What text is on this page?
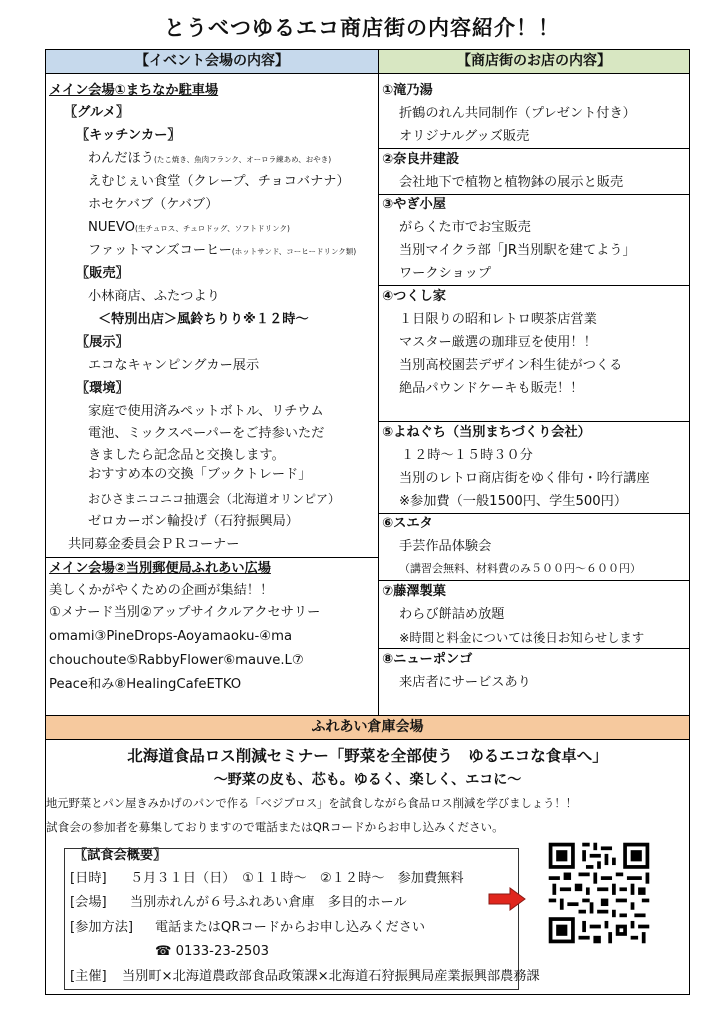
とうべつゆるエコ商店街の内容紹介！！
【イベント会場の内容】
メイン会場①まちなか駐車場
〖グルメ〗
〖キッチンカー〗
わんだほう(たこ焼き、魚肉フランク、オーロラ練あめ、おやき)
えむじぇい食堂（クレープ、チョコバナナ）
ホセケバブ（ケバブ）
NUEVO(生チュロス、チュロドッグ、ソフトドリンク)
ファットマンズコーヒー(ホットサンド、コーヒードリンク類)
〖販売〗
小林商店、ふたつより
＜特別出店＞風鈴ちりり※１２時～
〖展示〗
エコなキャンピングカー展示
〖環境〗
家庭で使用済みペットボトル、リチウム
電池、ミックスペーパーをご持参いただ
きましたら記念品と交換します。
おすすめ本の交換「ブックトレード」
おひさまニコニコ抽選会（北海道オリンピア）
ゼロカーボン輪投げ（石狩振興局）
共同募金委員会ＰＲコーナー
メイン会場②当別郵便局ふれあい広場
美しくかがやくための企画が集結！！
①メナード当別②アップサイクルアクセサリー
omami③PineDrops-Aoyamaoku-④ma
chouchoute⑤RabbyFlower⑥mauve.L⑦
Peace和み⑧HealingCafeETKO
【商店街のお店の内容】
①滝乃湯
折鶴のれん共同制作（プレゼント付き）
オリジナルグッズ販売
②奈良井建設
会社地下で植物と植物鉢の展示と販売
③やぎ小屋
がらくた市でお宝販売
当別マイクラ部「JR当別駅を建てよう」
ワークショップ
④つくし家
１日限りの昭和レトロ喫茶店営業
マスター厳選の珈琲豆を使用！！
当別高校園芸デザイン科生徒がつくる
絶品パウンドケーキも販売！！
⑤よねぐち（当別まちづくり会社）
１２時～１５時３０分
当別のレトロ商店街をゆく俳句・吟行講座
※参加費（一般1500円、学生500円）
⑥スエタ
手芸作品体験会
（講習会無料、材料費のみ５００円～６００円）
⑦藤澤製菓
わらび餅詰め放題
※時間と料金については後日お知らせします
⑧ニューポンゴ
来店者にサービスあり
ふれあい倉庫会場
北海道食品ロス削減セミナー「野菜を全部使う　ゆるエコな食卓へ」
～野菜の皮も、芯も。ゆるく、楽しく、エコに～
地元野菜とパン屋きみかげのパンで作る「ベジブロス」を試食しながら食品ロス削減を学びましょう！！
試食会の参加者を募集しておりますので電話またはQRコードからお申し込みください。
〖試食会概要〗
[日時] ５月３１日（日）　①１１時～　②１２時～　参加費無料
[会場] 当別赤れんが６号ふれあい倉庫　多目的ホール
[参加方法] 電話またはQRコードからお申し込みください
☎ 0133-23-2503
[主催] 当別町×北海道農政部食品政策課×北海道石狩振興局産業振興部農務課
